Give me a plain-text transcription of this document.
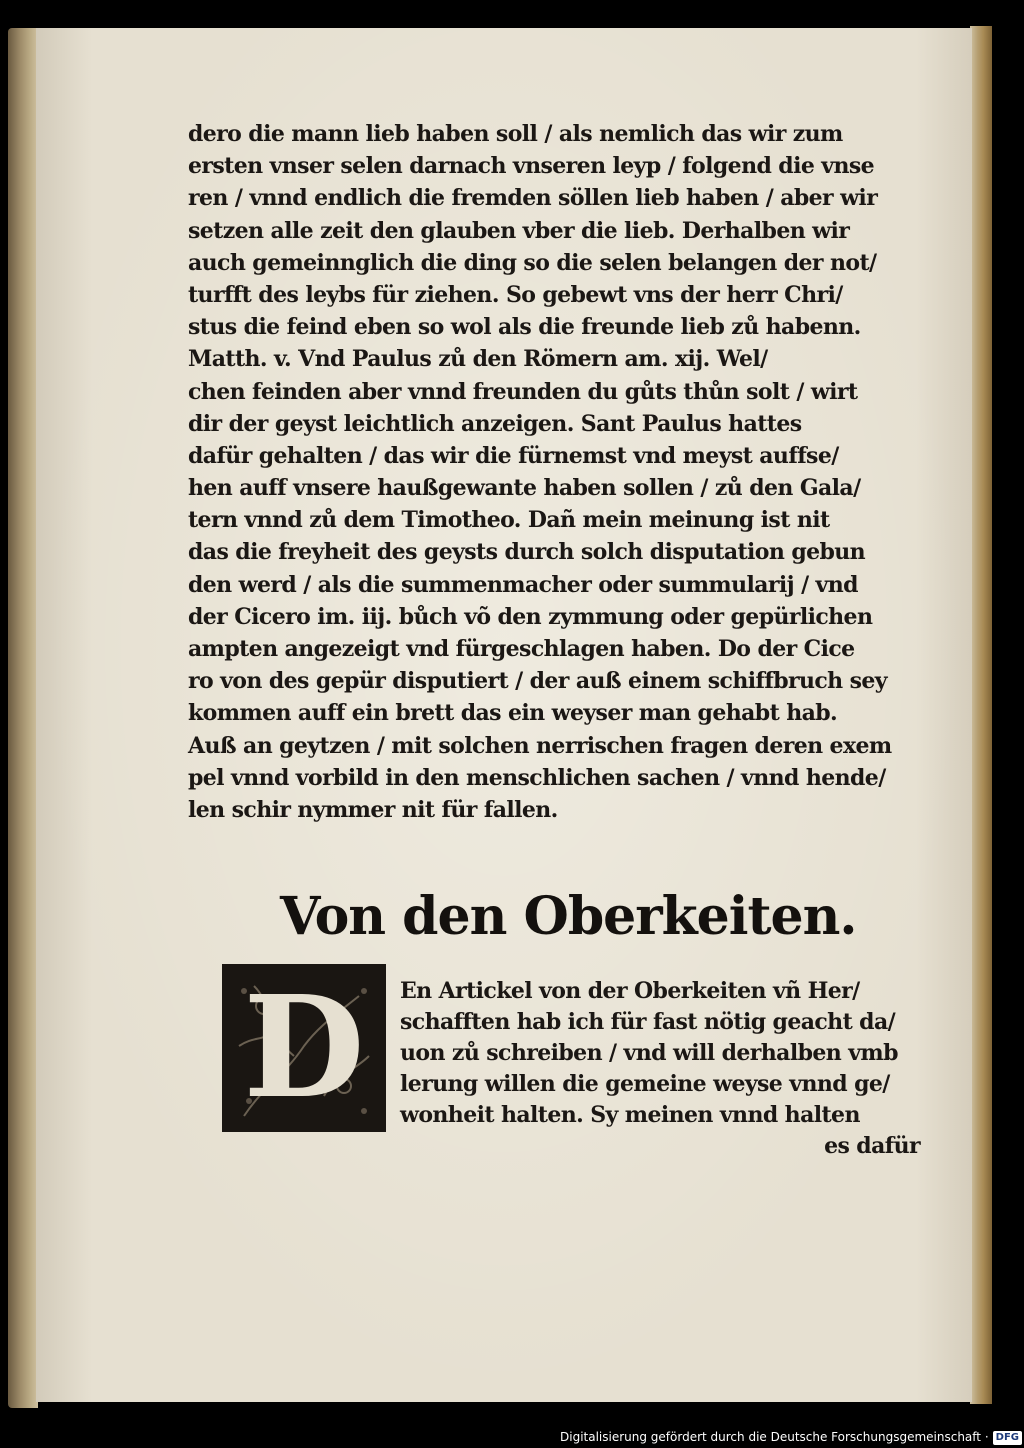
dero die mann lieb haben soll / als nemlich das wir zum
ersten vnser selen darnach vnseren leyp / folgend die vnse
ren / vnnd endlich die fremden söllen lieb haben / aber wir
setzen alle zeit den glauben vber die lieb. Derhalben wir
auch gemeinnglich die ding so die selen belangen der not/
turfft des leybs für ziehen. So gebewt vns der herr Chri/
stus die feind eben so wol als die freunde lieb zů habenn.
Matth. v. Vnd Paulus zů den Römern am. xij. Wel/
chen feinden aber vnnd freunden du gůts thůn solt / wirt
dir der geyst leichtlich anzeigen. Sant Paulus hattes
dafür gehalten / das wir die fürnemst vnd meyst auffse/
hen auff vnsere haußgewante haben sollen / zů den Gala/
tern vnnd zů dem Timotheo. Dañ mein meinung ist nit
das die freyheit des geysts durch solch disputation gebun
den werd / als die summenmacher oder summularij / vnd
der Cicero im. iij. bůch võ den zymmung oder gepürlichen
ampten angezeigt vnd fürgeschlagen haben. Do der Cice
ro von des gepür disputiert / der auß einem schiffbruch sey
kommen auff ein brett das ein weyser man gehabt hab.
Auß an geytzen / mit solchen nerrischen fragen deren exem
pel vnnd vorbild in den menschlichen sachen / vnnd hende/
len schir nymmer nit für fallen.
Von den Oberkeiten.
D	En Artickel von der Oberkeiten vñ Her/
schafften hab ich für fast nötig geacht da/
uon zů schreiben / vnd will derhalben vmb
lerung willen die gemeine weyse vnnd ge/
wonheit halten. Sy meinen vnnd halten
es dafür
Digitalisierung gefördert durch die Deutsche Forschungsgemeinschaft · DFG
